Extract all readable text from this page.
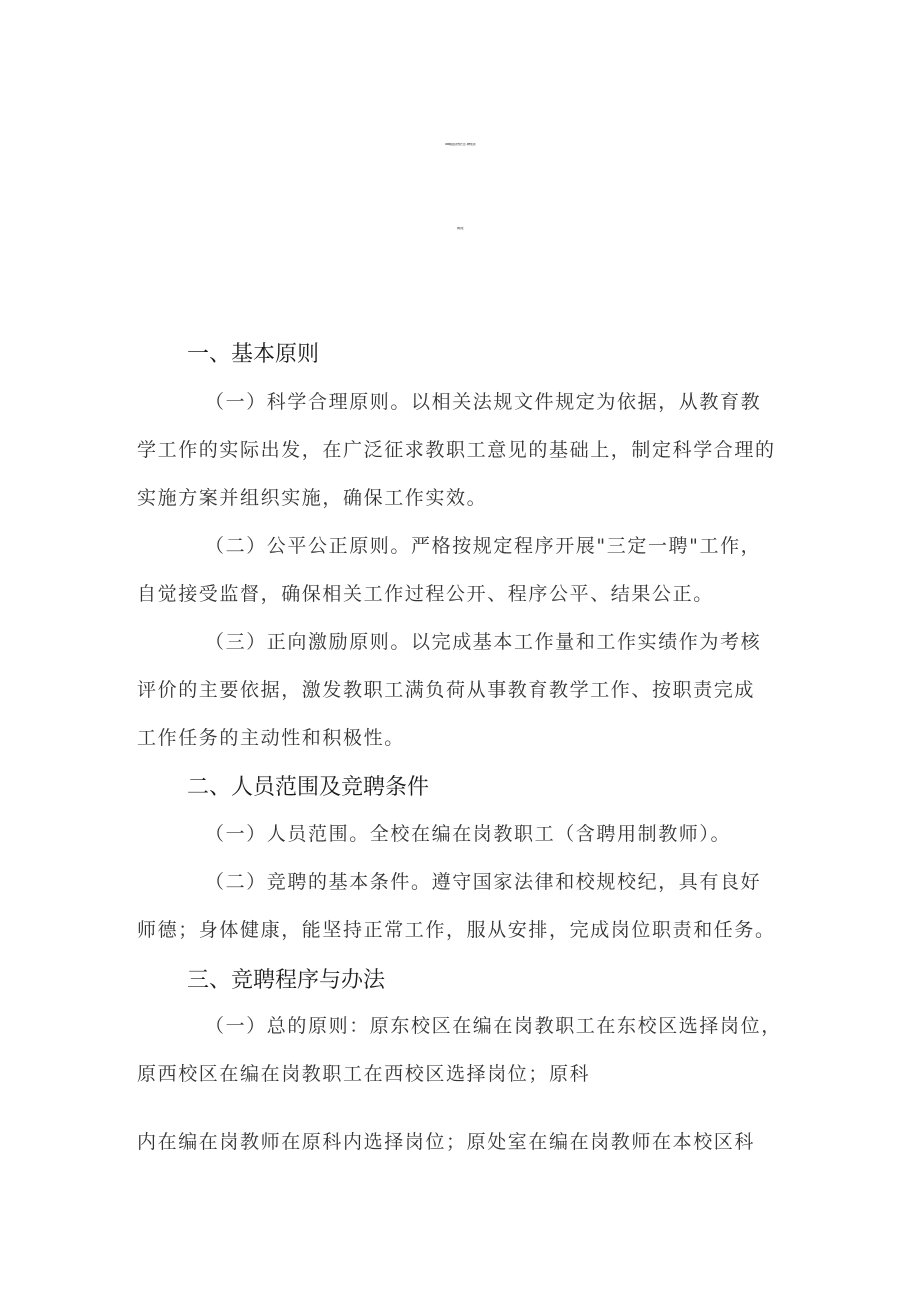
XXXX职业技术学校"三定一聘"岗位竞
聘方案
一、基本原则
（一）科学合理原则。以相关法规文件规定为依据，从教育教
学工作的实际出发，在广泛征求教职工意见的基础上，制定科学合理的
实施方案并组织实施，确保工作实效。
（二）公平公正原则。严格按规定程序开展"三定一聘"工作，
自觉接受监督，确保相关工作过程公开、程序公平、结果公正。
（三）正向激励原则。以完成基本工作量和工作实绩作为考核
评价的主要依据，激发教职工满负荷从事教育教学工作、按职责完成
工作任务的主动性和积极性。
二、人员范围及竞聘条件
（一）人员范围。全校在编在岗教职工（含聘用制教师）。
（二）竞聘的基本条件。遵守国家法律和校规校纪，具有良好
师德；身体健康，能坚持正常工作，服从安排，完成岗位职责和任务。
三、竞聘程序与办法
（一）总的原则：原东校区在编在岗教职工在东校区选择岗位，
原西校区在编在岗教职工在西校区选择岗位；原科
内在编在岗教师在原科内选择岗位；原处室在编在岗教师在本校区科
